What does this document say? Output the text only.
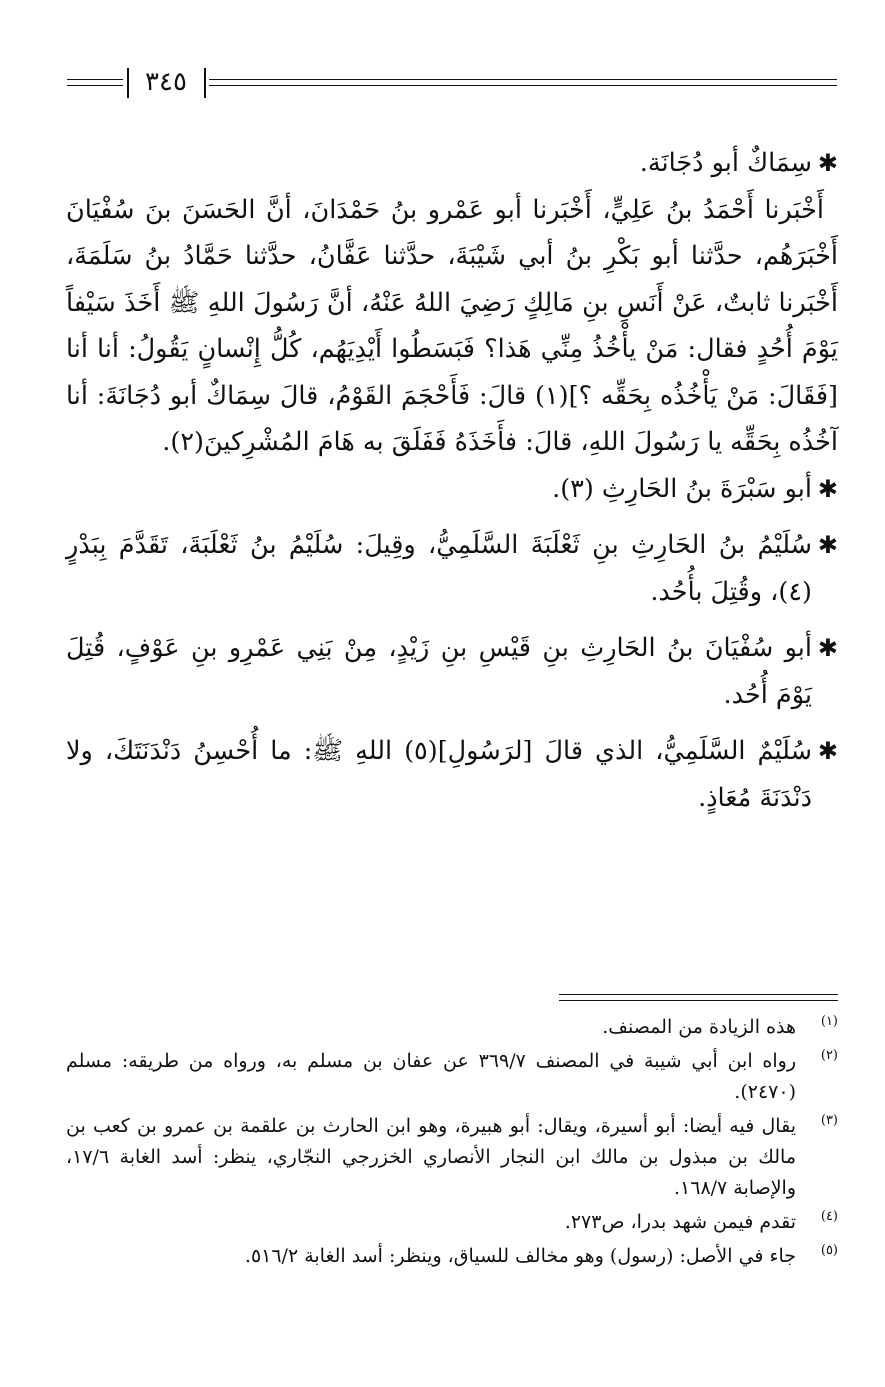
٣٤٥
✱
سِمَاكٌ أبو دُجَانَة.

أَخْبَرنا أَحْمَدُ بنُ عَلِيٍّ، أَخْبَرنا أبو عَمْرو بنُ حَمْدَانَ، أنَّ الحَسَنَ بنَ سُفْيَانَ أَخْبَرَهُم، حدَّثنا أبو بَكْرِ بنُ أبي شَيْبَةَ، حدَّثنا عَفَّانُ، حدَّثنا حَمَّادُ بنُ سَلَمَةَ، أَخْبَرنا ثابتٌ، عَنْ أَنَسِ بنِ مَالِكٍ رَضِيَ اللهُ عَنْهُ، أنَّ رَسُولَ اللهِ ﷺ أَخَذَ سَيْفاً يَوْمَ أُحُدٍ فقال: مَنْ يأْخُذُ مِنِّي هَذا؟ فَبَسَطُوا أَيْدِيَهُم، كُلُّ إِنْسانٍ يَقُولُ: أنا أنا [فَقَالَ: مَنْ يَأْخُذُه بِحَقِّه ؟](١) قالَ: فَأَحْجَمَ القَوْمُ، قالَ سِمَاكٌ أبو دُجَانَةَ: أنا آخُذُه بِحَقِّه يا رَسُولَ اللهِ، قالَ: فأَخَذَهُ فَفَلَقَ به هَامَ المُشْرِكينَ(٢).

✱
أبو سَبْرَةَ بنُ الحَارِثِ (٣).
✱
سُلَيْمُ بنُ الحَارِثِ بنِ ثَعْلَبَةَ السَّلَمِيُّ، وقِيلَ: سُلَيْمُ بنُ ثَعْلَبَةَ، تَقَدَّمَ بِبَدْرٍ (٤)، وقُتِلَ بأُحُد.
✱
أبو سُفْيَانَ بنُ الحَارِثِ بنِ قَيْسِ بنِ زَيْدٍ، مِنْ بَنِي عَمْرِو بنِ عَوْفٍ، قُتِلَ يَوْمَ أُحُد.
✱
سُلَيْمٌ السَّلَمِيُّ، الذي قالَ [لرَسُولِ](٥) اللهِ ﷺ: ما أُحْسِنُ دَنْدَنَتَكَ، ولا دَنْدَنَةَ مُعَاذٍ.
(١)
هذه الزيادة من المصنف.
(٢)
رواه ابن أبي شيبة في المصنف ٣٦٩/٧ عن عفان بن مسلم به، ورواه من طريقه: مسلم (٢٤٧٠).
(٣)
يقال فيه أيضا: أبو أسيرة، ويقال: أبو هبيرة، وهو ابن الحارث بن علقمة بن عمرو بن كعب بن مالك بن مبذول بن مالك ابن النجار الأنصاري الخزرجي النجّاري، ينظر: أسد الغابة ١٧/٦، والإصابة ١٦٨/٧.
(٤)
تقدم فيمن شهد بدرا، ص٢٧٣.
(٥)
جاء في الأصل: (رسول) وهو مخالف للسياق، وينظر: أسد الغابة ٥١٦/٢.
